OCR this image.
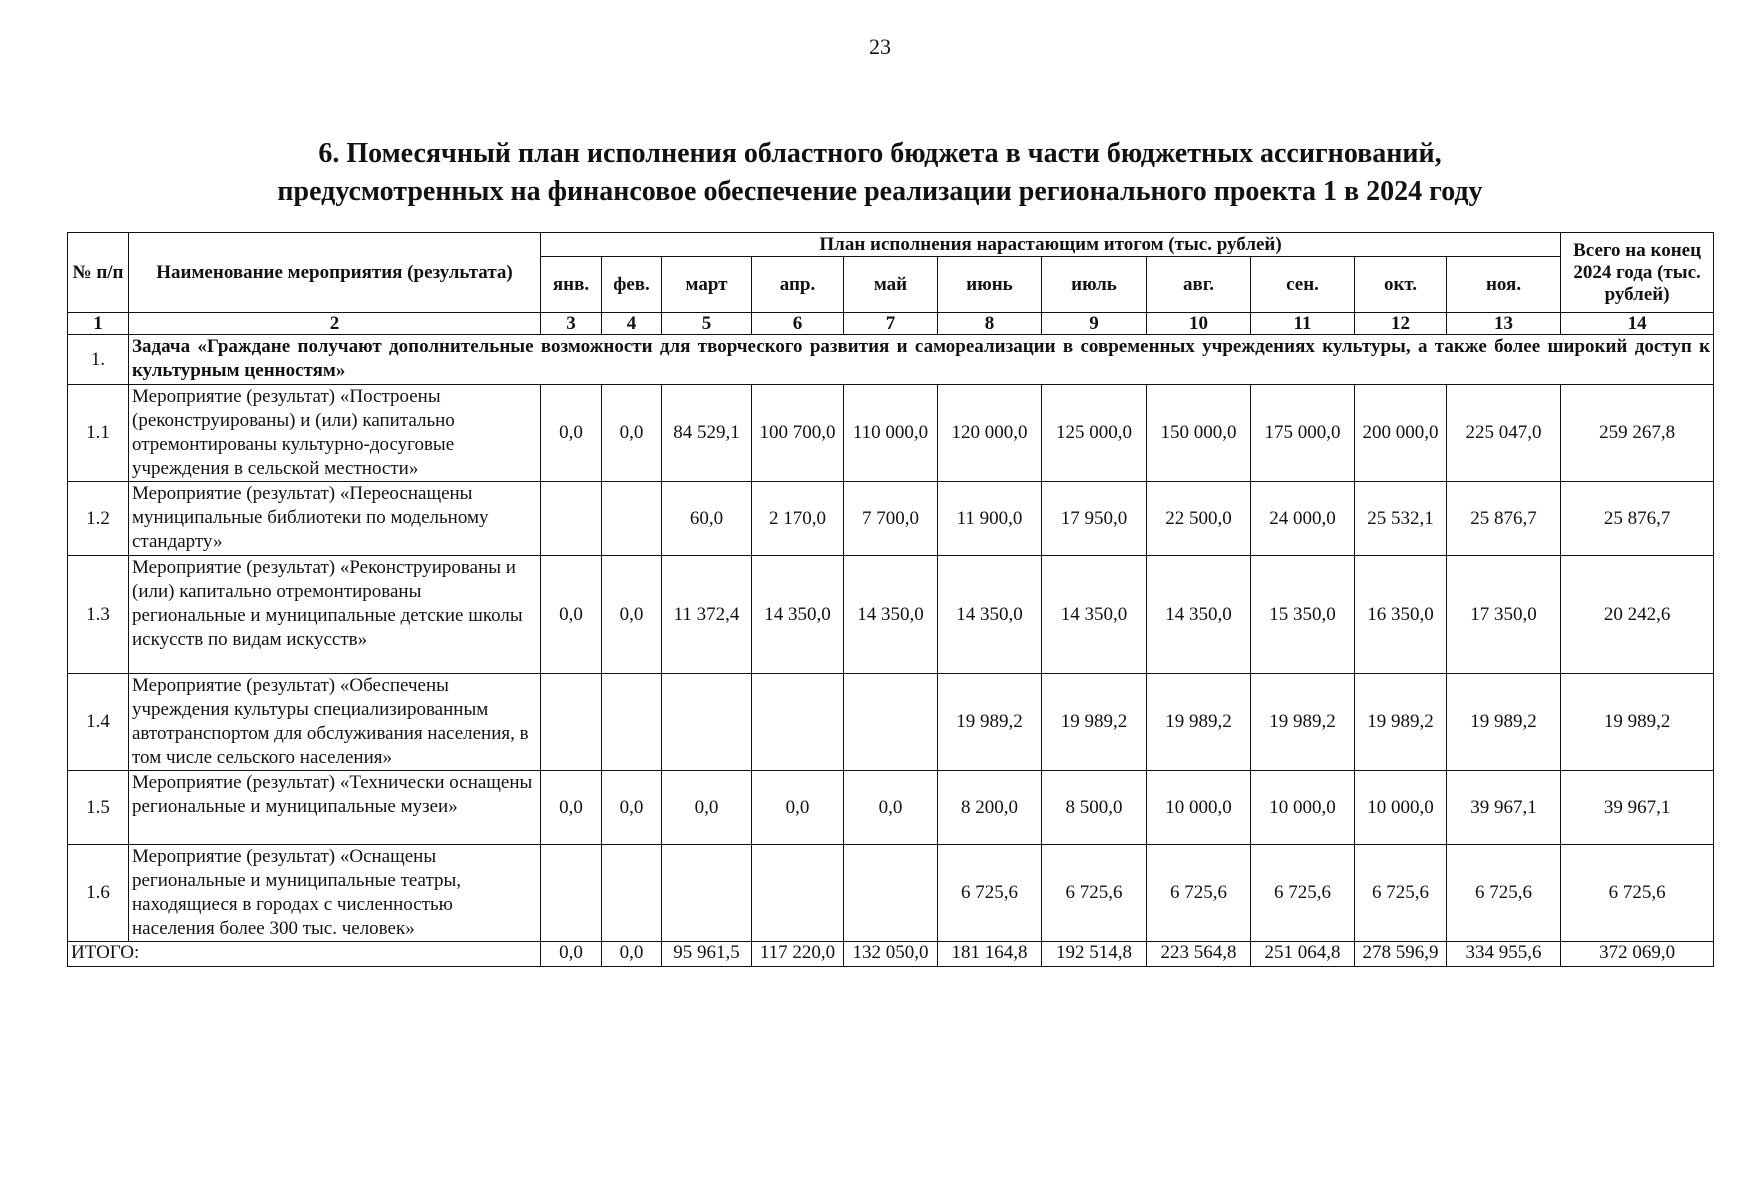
23
6. Помесячный план исполнения областного бюджета в части бюджетных ассигнований,
предусмотренных на финансовое обеспечение реализации регионального проекта 1 в 2024 году
№ п/п	Наименование мероприятия (результата)	План исполнения нарастающим итогом (тыс. рублей)											Всего на конец 2024 года (тыс. рублей)
		янв.	фев.	март	апр.	май	июнь	июль	авг.	сен.	окт.	ноя.	
1	2	3	4	5	6	7	8	9	10	11	12	13	14
1.	Задача «Граждане получают дополнительные возможности для творческого развития и самореализации в современных учреждениях культуры, а также более широкий доступ к культурным ценностям»												
1.1	Мероприятие (результат) «Построены (реконструированы) и (или) капитально отремонтированы культурно-досуговые учреждения в сельской местности»	0,0	0,0	84 529,1	100 700,0	110 000,0	120 000,0	125 000,0	150 000,0	175 000,0	200 000,0	225 047,0	259 267,8
1.2	Мероприятие (результат) «Переоснащены муниципальные библиотеки по модельному стандарту»			60,0	2 170,0	7 700,0	11 900,0	17 950,0	22 500,0	24 000,0	25 532,1	25 876,7	25 876,7
1.3	Мероприятие (результат) «Реконструированы и (или) капитально отремонтированы региональные и муниципальные детские школы искусств по видам искусств»	0,0	0,0	11 372,4	14 350,0	14 350,0	14 350,0	14 350,0	14 350,0	15 350,0	16 350,0	17 350,0	20 242,6
1.4	Мероприятие (результат) «Обеспечены учреждения культуры специализированным автотранспортом для обслуживания населения, в том числе сельского населения»						19 989,2	19 989,2	19 989,2	19 989,2	19 989,2	19 989,2	19 989,2
1.5	Мероприятие (результат) «Технически оснащены региональные и муниципальные музеи»	0,0	0,0	0,0	0,0	0,0	8 200,0	8 500,0	10 000,0	10 000,0	10 000,0	39 967,1	39 967,1
1.6	Мероприятие (результат) «Оснащены региональные и муниципальные театры, находящиеся в городах с численностью населения более 300 тыс. человек»						6 725,6	6 725,6	6 725,6	6 725,6	6 725,6	6 725,6	6 725,6
ИТОГО:		0,0	0,0	95 961,5	117 220,0	132 050,0	181 164,8	192 514,8	223 564,8	251 064,8	278 596,9	334 955,6	372 069,0
